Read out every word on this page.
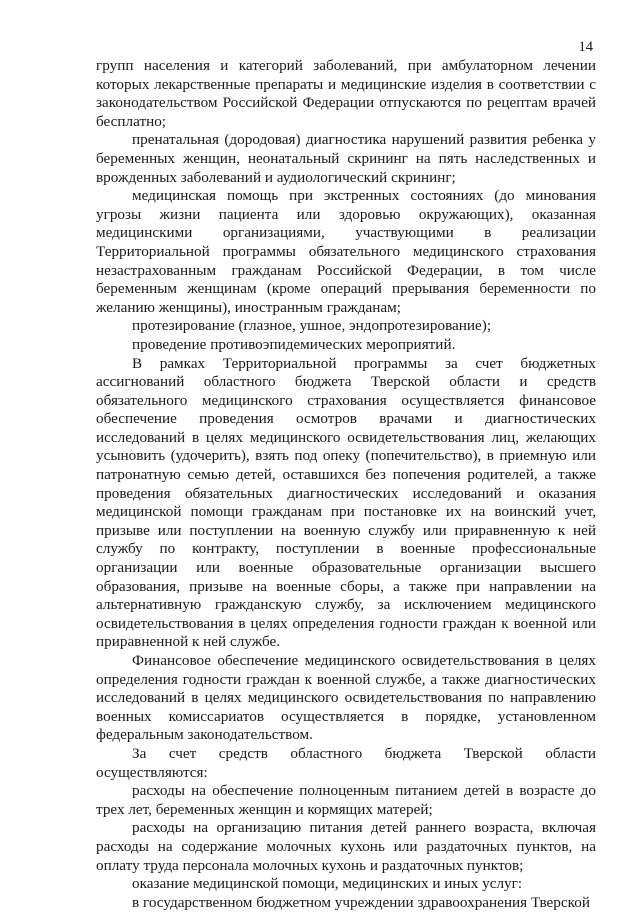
14

групп населения и категорий заболеваний, при амбулаторном лечении которых лекарственные препараты и медицинские изделия в соответствии с законодательством Российской Федерации отпускаются по рецептам врачей бесплатно;

пренатальная (дородовая) диагностика нарушений развития ребенка у беременных женщин, неонатальный скрининг на пять наследственных и врожденных заболеваний и аудиологический скрининг;

медицинская помощь при экстренных состояниях (до минования угрозы жизни пациента или здоровью окружающих), оказанная медицинскими организациями, участвующими в реализации Территориальной программы обязательного медицинского страхования незастрахованным гражданам Российской Федерации, в том числе беременным женщинам (кроме операций прерывания беременности по желанию женщины), иностранным гражданам;

протезирование (глазное, ушное, эндопротезирование);

проведение противоэпидемических мероприятий.

В рамках Территориальной программы за счет бюджетных ассигнований областного бюджета Тверской области и средств обязательного медицинского страхования осуществляется финансовое обеспечение проведения осмотров врачами и диагностических исследований в целях медицинского освидетельствования лиц, желающих усыновить (удочерить), взять под опеку (попечительство), в приемную или патронатную семью детей, оставшихся без попечения родителей, а также проведения обязательных диагностических исследований и оказания медицинской помощи гражданам при постановке их на воинский учет, призыве или поступлении на военную службу или приравненную к ней службу по контракту, поступлении в военные профессиональные организации или военные образовательные организации высшего образования, призыве на военные сборы, а также при направлении на альтернативную гражданскую службу, за исключением медицинского освидетельствования в целях определения годности граждан к военной или приравненной к ней службе.

Финансовое обеспечение медицинского освидетельствования в целях определения годности граждан к военной службе, а также диагностических исследований в целях медицинского освидетельствования по направлению военных комиссариатов осуществляется в порядке, установленном федеральным законодательством.

За счет средств областного бюджета Тверской области осуществляются:

расходы на обеспечение полноценным питанием детей в возрасте до трех лет, беременных женщин и кормящих матерей;

расходы на организацию питания детей раннего возраста, включая расходы на содержание молочных кухонь или раздаточных пунктов, на оплату труда персонала молочных кухонь и раздаточных пунктов;

оказание медицинской помощи, медицинских и иных услуг:

в государственном бюджетном учреждении здравоохранения Тверской
